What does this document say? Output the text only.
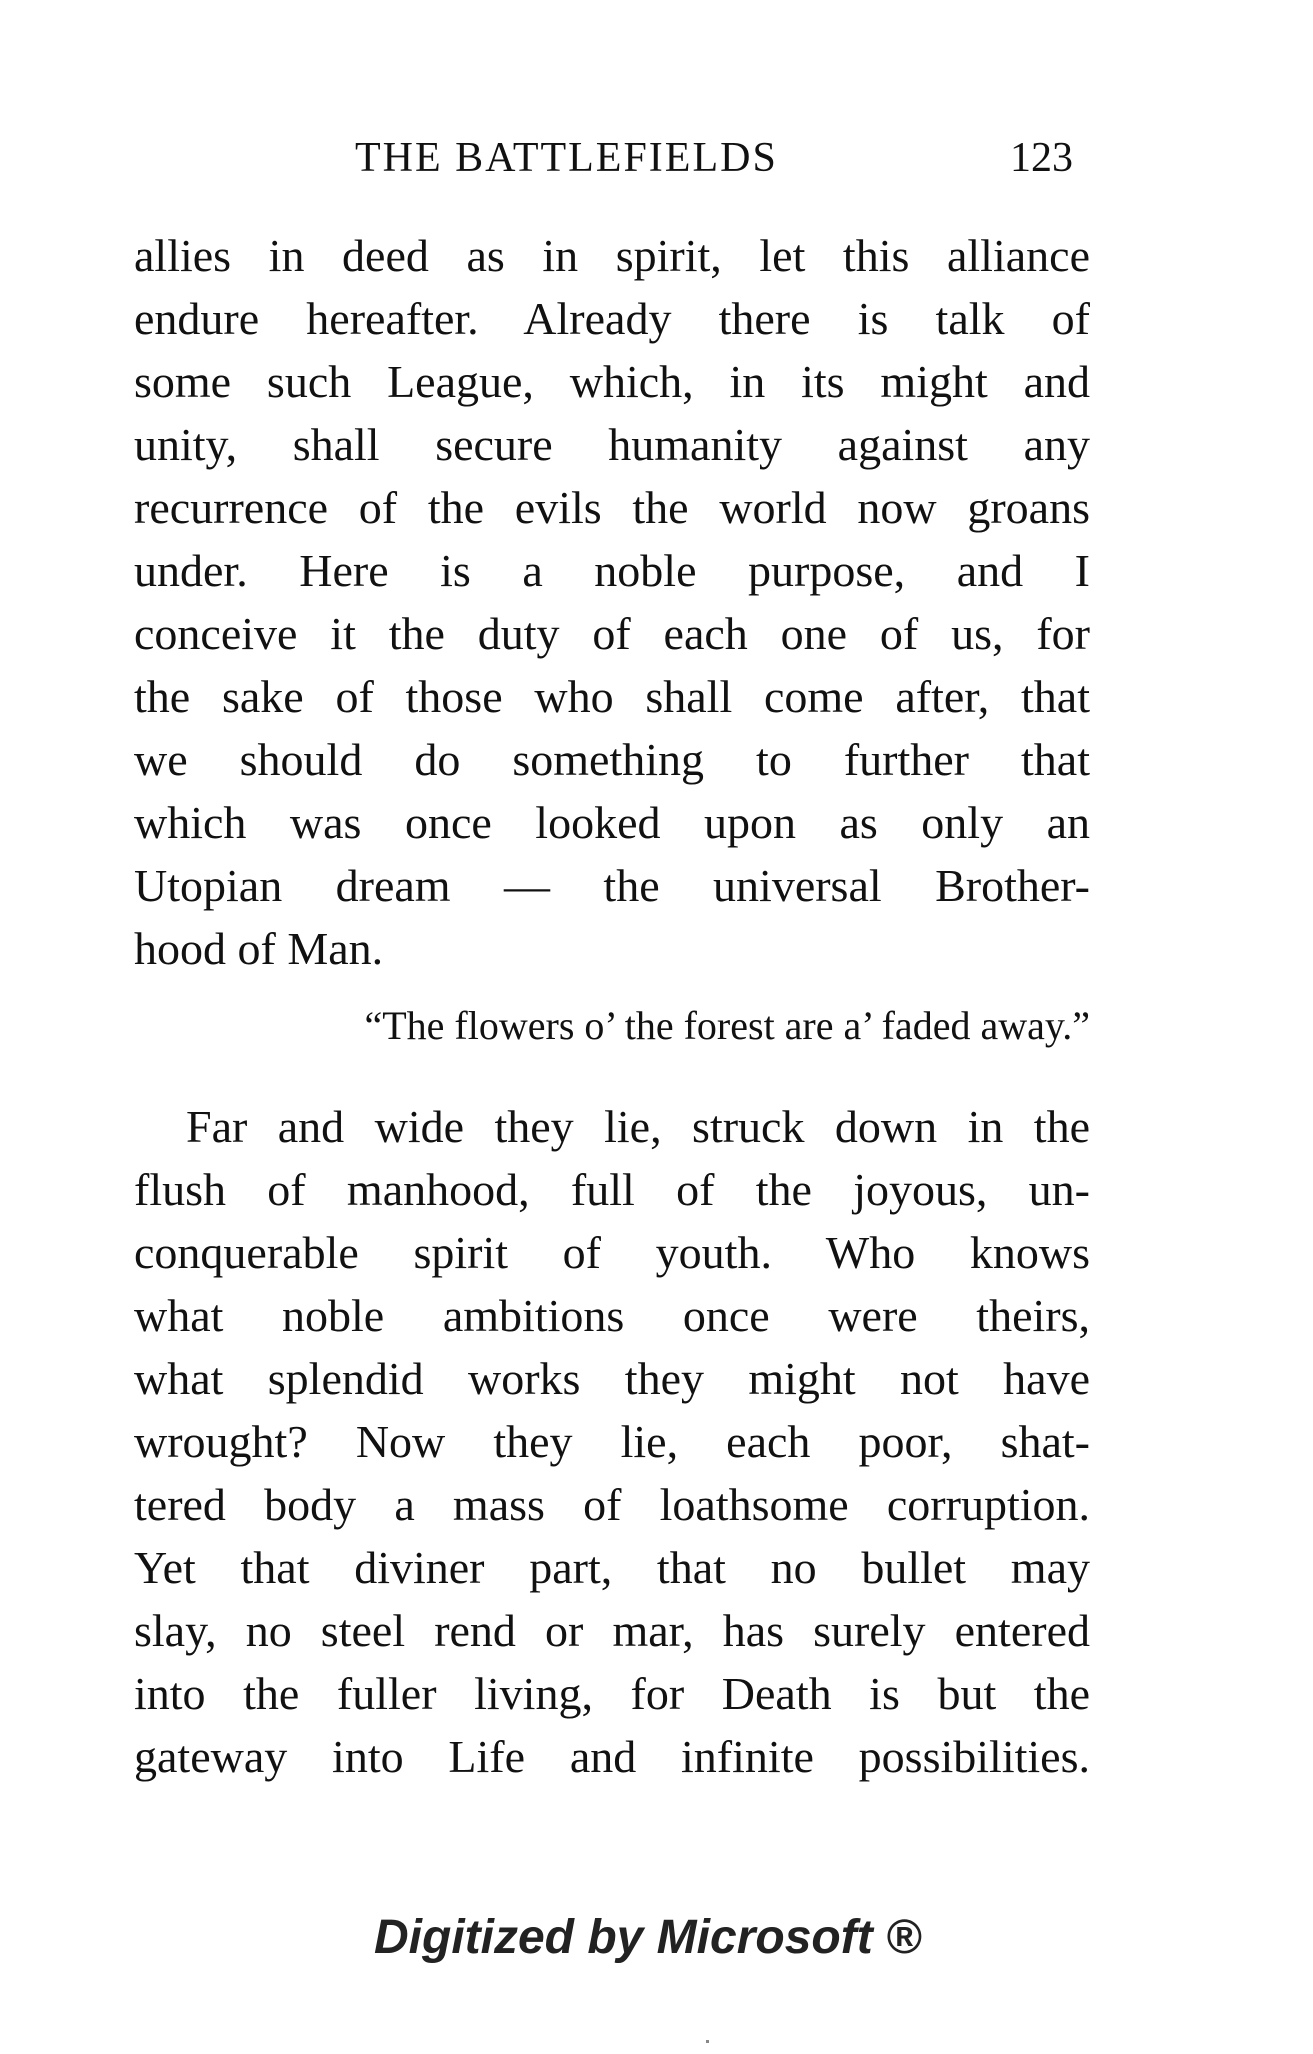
THE BATTLEFIELDS	123
allies in deed as in spirit, let this alliance
endure hereafter. Already there is talk of
some such League, which, in its might and
unity, shall secure humanity against any
recurrence of the evils the world now groans
under. Here is a noble purpose, and I
conceive it the duty of each one of us, for
the sake of those who shall come after, that
we should do something to further that
which was once looked upon as only an
Utopian dream — the universal Brother-
hood of Man.
“The flowers o’ the forest are a’ faded away.”
Far and wide they lie, struck down in the
flush of manhood, full of the joyous, un-
conquerable spirit of youth. Who knows
what noble ambitions once were theirs,
what splendid works they might not have
wrought? Now they lie, each poor, shat-
tered body a mass of loathsome corruption.
Yet that diviner part, that no bullet may
slay, no steel rend or mar, has surely entered
into the fuller living, for Death is but the
gateway into Life and infinite possibilities.
Digitized by Microsoft ®
